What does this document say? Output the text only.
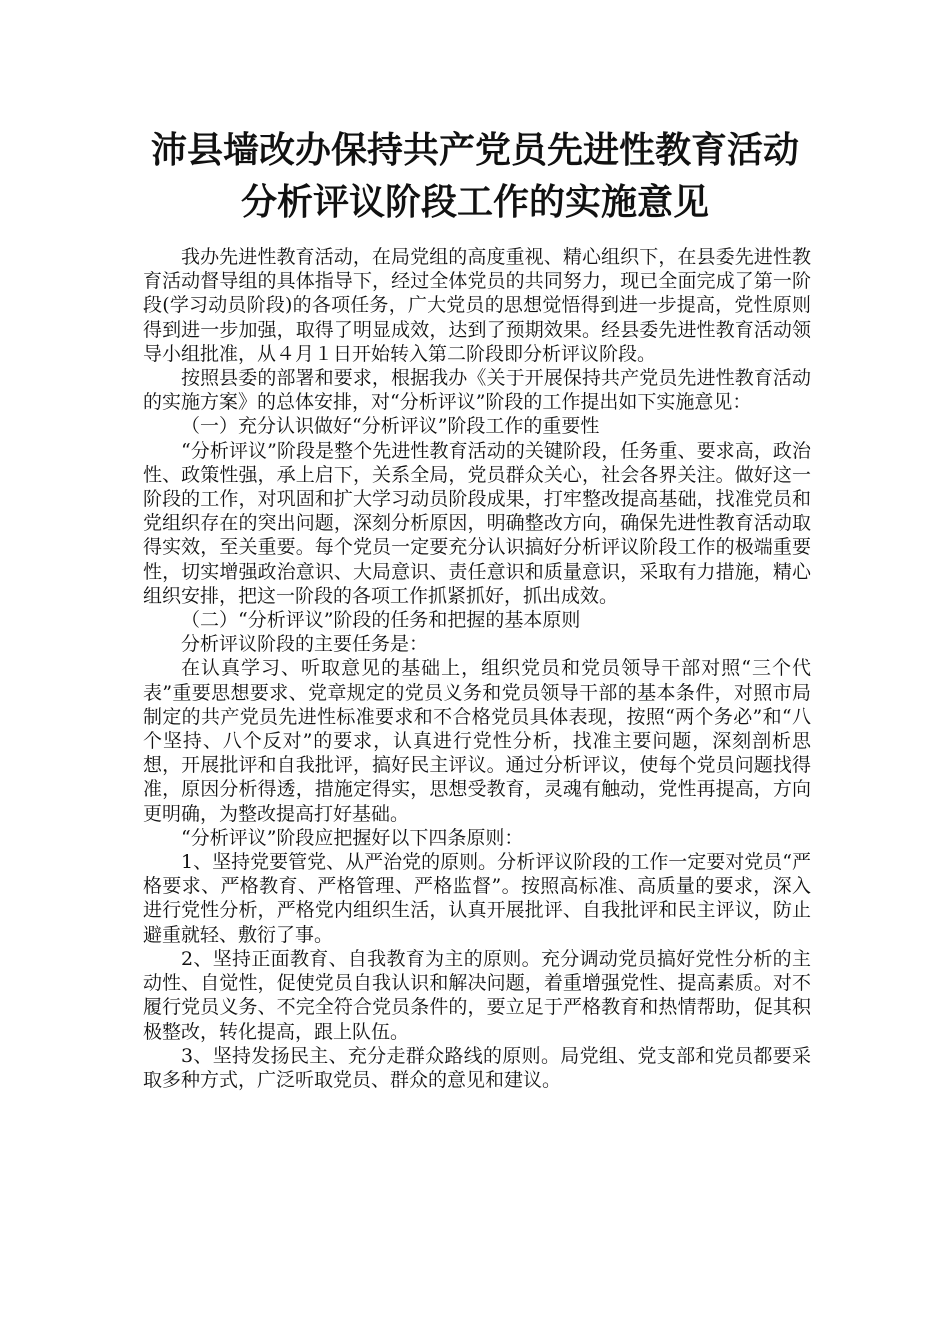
沛县墙改办保持共产党员先进性教育活动
分析评议阶段工作的实施意见

我办先进性教育活动，在局党组的高度重视、精心组织下，在县委先进性教育活动督导组的具体指导下，经过全体党员的共同努力，现已全面完成了第一阶段(学习动员阶段)的各项任务，广大党员的思想觉悟得到进一步提高，党性原则得到进一步加强，取得了明显成效，达到了预期效果。经县委先进性教育活动领导小组批准，从４月１日开始转入第二阶段即分析评议阶段。

按照县委的部署和要求，根据我办《关于开展保持共产党员先进性教育活动的实施方案》的总体安排，对“分析评议”阶段的工作提出如下实施意见：

（一）充分认识做好“分析评议”阶段工作的重要性

“分析评议”阶段是整个先进性教育活动的关键阶段，任务重、要求高，政治性、政策性强，承上启下，关系全局，党员群众关心，社会各界关注。做好这一阶段的工作，对巩固和扩大学习动员阶段成果，打牢整改提高基础，找准党员和党组织存在的突出问题，深刻分析原因，明确整改方向，确保先进性教育活动取得实效，至关重要。每个党员一定要充分认识搞好分析评议阶段工作的极端重要性，切实增强政治意识、大局意识、责任意识和质量意识，采取有力措施，精心组织安排，把这一阶段的各项工作抓紧抓好，抓出成效。

（二）“分析评议”阶段的任务和把握的基本原则

分析评议阶段的主要任务是：

在认真学习、听取意见的基础上，组织党员和党员领导干部对照“三个代表”重要思想要求、党章规定的党员义务和党员领导干部的基本条件，对照市局制定的共产党员先进性标准要求和不合格党员具体表现，按照“两个务必”和“八个坚持、八个反对”的要求，认真进行党性分析，找准主要问题，深刻剖析思想，开展批评和自我批评，搞好民主评议。通过分析评议，使每个党员问题找得准，原因分析得透，措施定得实，思想受教育，灵魂有触动，党性再提高，方向更明确，为整改提高打好基础。

“分析评议”阶段应把握好以下四条原则：

1、坚持党要管党、从严治党的原则。分析评议阶段的工作一定要对党员“严格要求、严格教育、严格管理、严格监督”。按照高标准、高质量的要求，深入进行党性分析，严格党内组织生活，认真开展批评、自我批评和民主评议，防止避重就轻、敷衍了事。

2、坚持正面教育、自我教育为主的原则。充分调动党员搞好党性分析的主动性、自觉性，促使党员自我认识和解决问题，着重增强党性、提高素质。对不履行党员义务、不完全符合党员条件的，要立足于严格教育和热情帮助，促其积极整改，转化提高，跟上队伍。

3、坚持发扬民主、充分走群众路线的原则。局党组、党支部和党员都要采取多种方式，广泛听取党员、群众的意见和建议。
